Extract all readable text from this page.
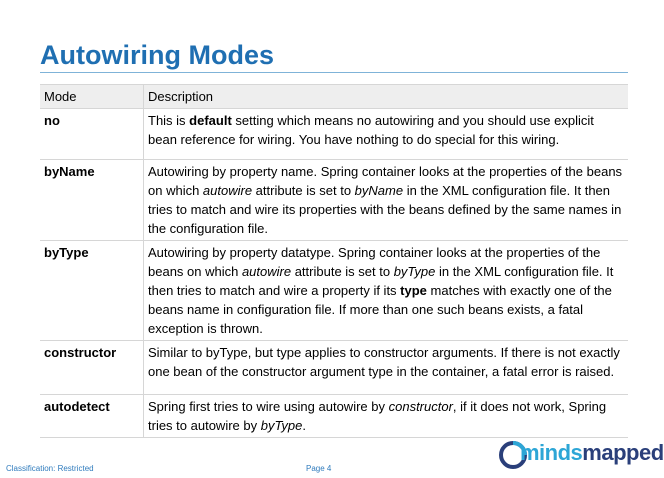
Autowiring Modes
Mode	Description
no	This is default setting which means no autowiring and you should use explicit bean reference for wiring. You have nothing to do special for this wiring.
byName	Autowiring by property name. Spring container looks at the properties of the beans on which autowire attribute is set to byName in the XML configuration file. It then tries to match and wire its properties with the beans defined by the same names in the configuration file.
byType	Autowiring by property datatype. Spring container looks at the properties of the beans on which autowire attribute is set to byType in the XML configuration file. It then tries to match and wire a property if its type matches with exactly one of the beans name in configuration file. If more than one such beans exists, a fatal exception is thrown.
constructor	Similar to byType, but type applies to constructor arguments. If there is not exactly one bean of the constructor argument type in the container, a fatal error is raised.
autodetect	Spring first tries to wire using autowire by constructor, if it does not work, Spring tries to autowire by byType.
Classification: Restricted	Page 4
mindsmapped
